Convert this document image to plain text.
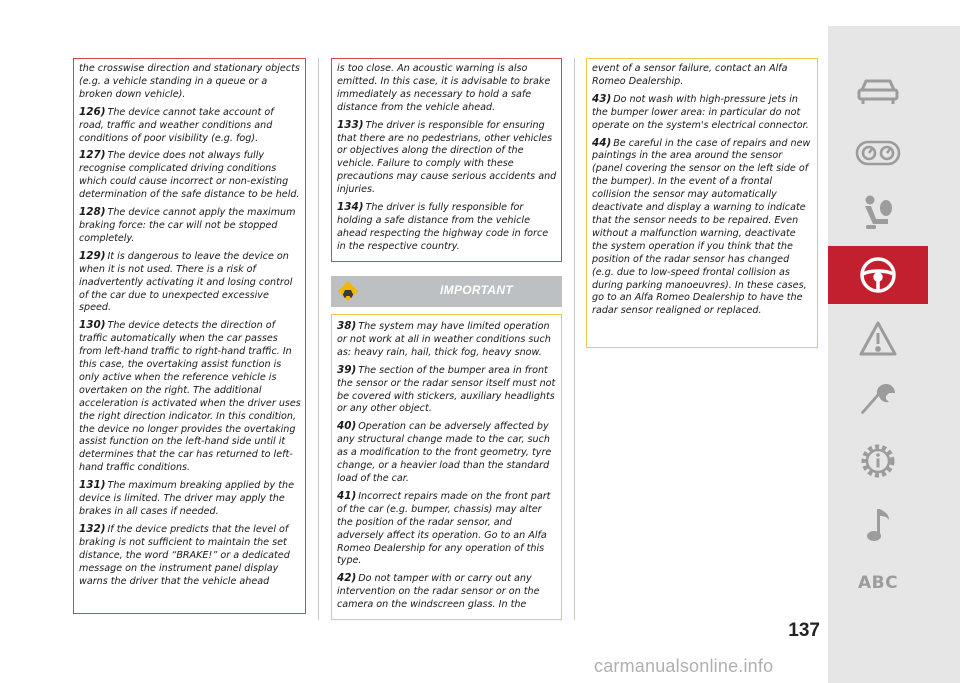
the crosswise direction and stationary objects (e.g. a vehicle standing in a queue or a broken down vehicle).

126) The device cannot take account of road, traffic and weather conditions and conditions of poor visibility (e.g. fog).

127) The device does not always fully recognise complicated driving conditions which could cause incorrect or non-existing determination of the safe distance to be held.

128) The device cannot apply the maximum braking force: the car will not be stopped completely.

129) It is dangerous to leave the device on when it is not used. There is a risk of inadvertently activating it and losing control of the car due to unexpected excessive speed.

130) The device detects the direction of traffic automatically when the car passes from left-hand traffic to right-hand traffic. In this case, the overtaking assist function is only active when the reference vehicle is overtaken on the right. The additional acceleration is activated when the driver uses the right direction indicator. In this condition, the device no longer provides the overtaking assist function on the left-hand side until it determines that the car has returned to left-hand traffic conditions.

131) The maximum breaking applied by the device is limited. The driver may apply the brakes in all cases if needed.

132) If the device predicts that the level of braking is not sufficient to maintain the set distance, the word “BRAKE!” or a dedicated message on the instrument panel display warns the driver that the vehicle ahead

is too close. An acoustic warning is also emitted. In this case, it is advisable to brake immediately as necessary to hold a safe distance from the vehicle ahead.

133) The driver is responsible for ensuring that there are no pedestrians, other vehicles or objectives along the direction of the vehicle. Failure to comply with these precautions may cause serious accidents and injuries.

134) The driver is fully responsible for holding a safe distance from the vehicle ahead respecting the highway code in force in the respective country.

IMPORTANT

38) The system may have limited operation or not work at all in weather conditions such as: heavy rain, hail, thick fog, heavy snow.

39) The section of the bumper area in front the sensor or the radar sensor itself must not be covered with stickers, auxiliary headlights or any other object.

40) Operation can be adversely affected by any structural change made to the car, such as a modification to the front geometry, tyre change, or a heavier load than the standard load of the car.

41) Incorrect repairs made on the front part of the car (e.g. bumper, chassis) may alter the position of the radar sensor, and adversely affect its operation. Go to an Alfa Romeo Dealership for any operation of this type.

42) Do not tamper with or carry out any intervention on the radar sensor or on the camera on the windscreen glass. In the

event of a sensor failure, contact an Alfa Romeo Dealership.

43) Do not wash with high-pressure jets in the bumper lower area: in particular do not operate on the system's electrical connector.

44) Be careful in the case of repairs and new paintings in the area around the sensor (panel covering the sensor on the left side of the bumper). In the event of a frontal collision the sensor may automatically deactivate and display a warning to indicate that the sensor needs to be repaired. Even without a malfunction warning, deactivate the system operation if you think that the position of the radar sensor has changed (e.g. due to low-speed frontal collision as during parking manoeuvres). In these cases, go to an Alfa Romeo Dealership to have the radar sensor realigned or replaced.

137
ABC
carmanualsonline.info
